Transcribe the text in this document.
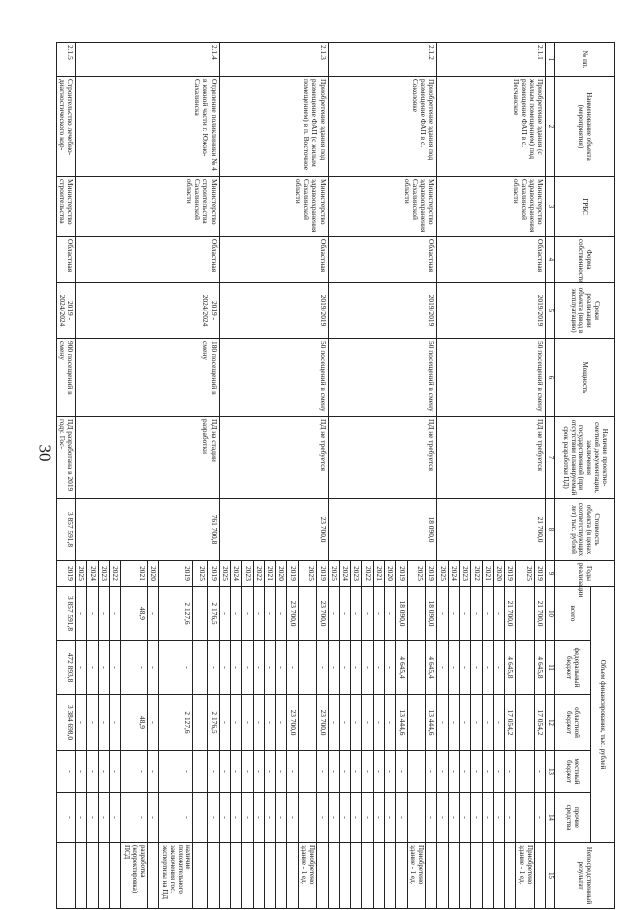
30
№ пп.	Наименование объекта (мероприятия)	ГРБС	Форма собственности	Сроки реализации объекта (ввод в эксплуатацию)	Мощность	Наличие проектно-сметной документации, заключения государственной (при отсутствии планируемый срок разработки ПД)	Стоимость объекта (в ценах соответствующих лет) тыс. рублей	Годы реализации	Объем финансирования, тыс. рублей					Непосредственный результат
									всего	федеральный бюджет	областной бюджет	местный бюджет	прочие средства	
1	2	3	4	5	6	7	8	9	10	11	12	13	14	15
2.1.1	Приобретение здания (с жилым помещением) под размещение ФАП в с. Песчанское	Министерство здравоохранения Сахалинской области	Областная	2019/2019	50 посещений в смену	ПД не требуется	21 700,0	2019	21 700,0	4 645,8	17 054,2	-	-	
								2025						Приобретено здание - 1 ед.
								2019	21 700,0	4 645,8	17 054,2	-	-	
								2020	-	-	-	-	-	
								2021	-	-	-	-	-	
								2022	-	-	-	-	-	
								2023	-	-	-	-	-	
								2024	-	-	-	-	-	
								2025	-	-	-	-	-	
2.1.2	Приобретение здания под размещение ФАП в с. Соколовке	Министерство здравоохранения Сахалинской области	Областная	2019/2019	50 посещений в смену	ПД не требуется	18 090,0	2019	18 090,0	4 645,4	13 444,6	-	-	
								2025						Приобретено здание - 1 ед.
								2019	18 090,0	4 645,4	13 444,6	-	-	
								2020	-	-	-	-	-	
								2021	-	-	-	-	-	
								2022	-	-	-	-	-	
								2023	-	-	-	-	-	
								2024	-	-	-	-	-	
								2025	-	-	-	-	-	
2.1.3	Приобретение здания под размещение ФАП (с жилым помещением) в п. Восточное	Министерство здравоохранения Сахалинской области	Областная	2019/2019	50 посещений в смену	ПД не требуется	23 700,0	2019	23 700,0	-	23 700,0	-	-	
								2025						Приобретено здание - 1 ед.
								2019	23 700,0	-	23 700,0	-	-	
								2020	-	-	-	-	-	
								2021	-	-	-	-	-	
								2022	-	-	-	-	-	
								2023	-	-	-	-	-	
								2024	-	-	-	-	-	
								2025	-	-	-	-	-	
2.1.4	Отделение поликлиники № 4 в южной части г. Южно-Сахалинска	Министерство строительства Сахалинской области	Областная	2019 - 2024/2024	180 посещений в смену	ПД на стадии разработки	761 700,8	2019	2 176,5	-	2 176,5	-	-	
								2025						
								2019	2 127,6	-	2 127,6	-	-	наличие положительного заключения гос. экспертизы на ПД
								2020	-	-	-	-	-	
								2021	48,9	-	48,9	-	-	разработка (корректировка) ПСД
								2022	-	-	-	-	-	
								2023	-	-	-	-	-	
								2024	-	-	-	-	-	
								2025	-	-	-	-	-	
2.1.5	Строительство лечебно-диагностического кор-	Министерство строительства	Областная	2019 - 2024/2024	900 посещений в смену	ПД разработана в 2019 году. Гос-	3 857 591,8	2019	3 857 591,8	472 893,8	3 384 698,0	-	-	
